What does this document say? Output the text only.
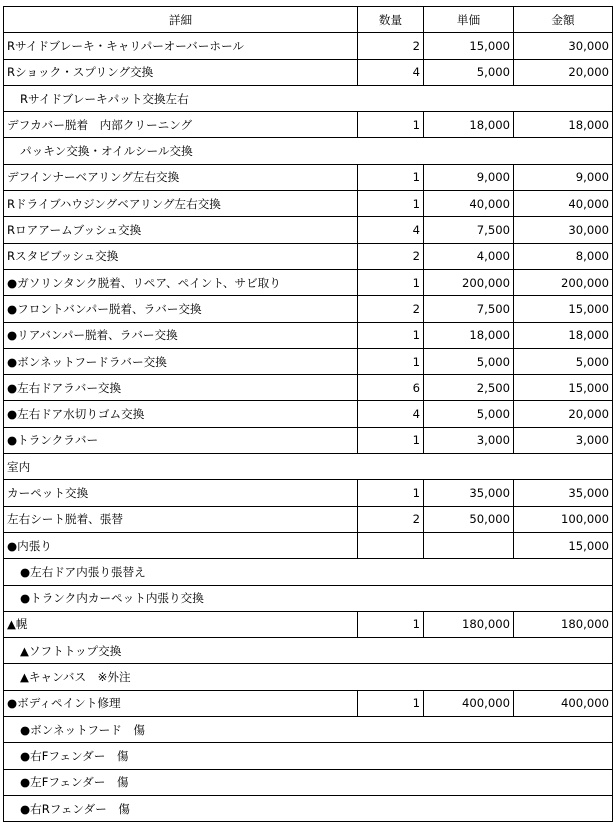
詳細	数量	単価	金額
Rサイドブレーキ・キャリパーオーバーホール	2	15,000	30,000
Rショック・スプリング交換	4	5,000	20,000
Rサイドブレーキパット交換左右			
デフカバー脱着　内部クリーニング	1	18,000	18,000
パッキン交換・オイルシール交換			
デフインナーベアリング左右交換	1	9,000	9,000
Rドライブハウジングベアリング左右交換	1	40,000	40,000
Rロアアームブッシュ交換	4	7,500	30,000
Rスタビブッシュ交換	2	4,000	8,000
●ガソリンタンク脱着、リペア、ペイント、サビ取り	1	200,000	200,000
●フロントバンパー脱着、ラバー交換	2	7,500	15,000
●リアバンパー脱着、ラバー交換	1	18,000	18,000
●ボンネットフードラバー交換	1	5,000	5,000
●左右ドアラバー交換	6	2,500	15,000
●左右ドア水切りゴム交換	4	5,000	20,000
●トランクラバー	1	3,000	3,000
室内			
カーペット交換	1	35,000	35,000
左右シート脱着、張替	2	50,000	100,000
●内張り			15,000
●左右ドア内張り張替え			
●トランク内カーペット内張り交換			
▲幌	1	180,000	180,000
▲ソフトトップ交換			
▲キャンバス　※外注			
●ボディペイント修理	1	400,000	400,000
●ボンネットフード　傷			
●右Fフェンダー　傷			
●左Fフェンダー　傷			
●右Rフェンダー　傷			
